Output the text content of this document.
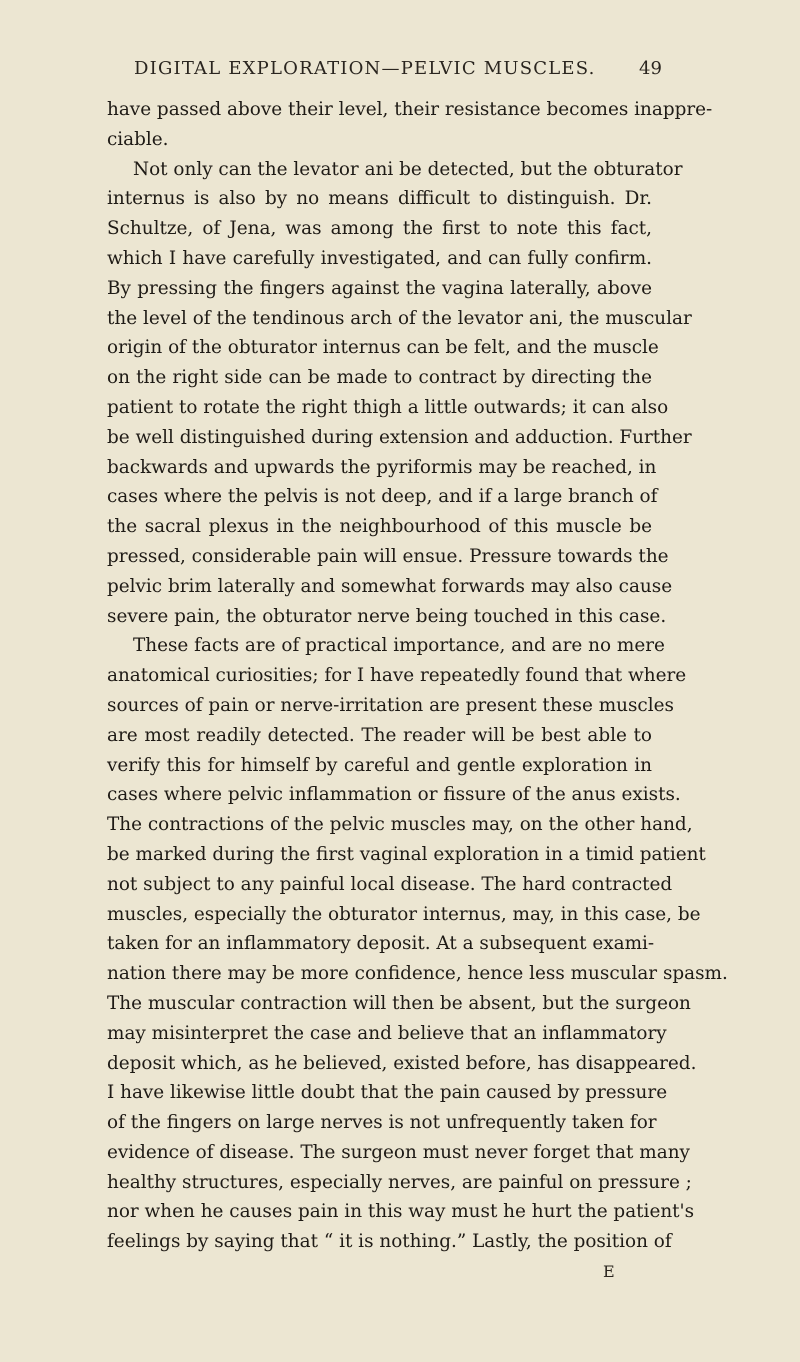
DIGITAL EXPLORATION—PELVIC MUSCLES. 49
have passed above their level, their resistance becomes inappre-
ciable.
Not only can the levator ani be detected, but the obturator
internus is also by no means difficult to distinguish. Dr.
Schultze, of Jena, was among the first to note this fact,
which I have carefully investigated, and can fully confirm.
By pressing the fingers against the vagina laterally, above
the level of the tendinous arch of the levator ani, the muscular
origin of the obturator internus can be felt, and the muscle
on the right side can be made to contract by directing the
patient to rotate the right thigh a little outwards; it can also
be well distinguished during extension and adduction. Further
backwards and upwards the pyriformis may be reached, in
cases where the pelvis is not deep, and if a large branch of
the sacral plexus in the neighbourhood of this muscle be
pressed, considerable pain will ensue. Pressure towards the
pelvic brim laterally and somewhat forwards may also cause
severe pain, the obturator nerve being touched in this case.
These facts are of practical importance, and are no mere
anatomical curiosities; for I have repeatedly found that where
sources of pain or nerve-irritation are present these muscles
are most readily detected. The reader will be best able to
verify this for himself by careful and gentle exploration in
cases where pelvic inflammation or fissure of the anus exists.
The contractions of the pelvic muscles may, on the other hand,
be marked during the first vaginal exploration in a timid patient
not subject to any painful local disease. The hard contracted
muscles, especially the obturator internus, may, in this case, be
taken for an inflammatory deposit. At a subsequent exami-
nation there may be more confidence, hence less muscular spasm.
The muscular contraction will then be absent, but the surgeon
may misinterpret the case and believe that an inflammatory
deposit which, as he believed, existed before, has disappeared.
I have likewise little doubt that the pain caused by pressure
of the fingers on large nerves is not unfrequently taken for
evidence of disease. The surgeon must never forget that many
healthy structures, especially nerves, are painful on pressure ;
nor when he causes pain in this way must he hurt the patient's
feelings by saying that “ it is nothing.” Lastly, the position of
E
